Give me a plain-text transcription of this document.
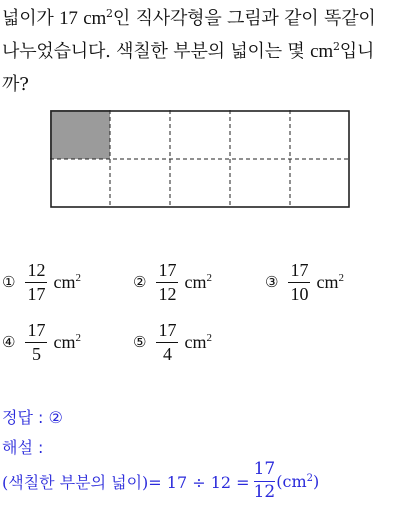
넓이가 17 $cm^2$인 직사각형을 그림과 같이 똑같이
나누었습니다. 색칠한 부분의 넓이는 몇 $cm^2$입니
까?
① $\frac{12}{17} cm^2$	② $\frac{17}{12} cm^2$	③ $\frac{17}{10} cm^2$
④ $\frac{17}{5} cm^2$	⑤ $\frac{17}{4} cm^2$
정답 : ②
해설 :
(색칠한 부분의 넓이)= $17 \div 12 = \frac{17}{12} (cm^2)$
